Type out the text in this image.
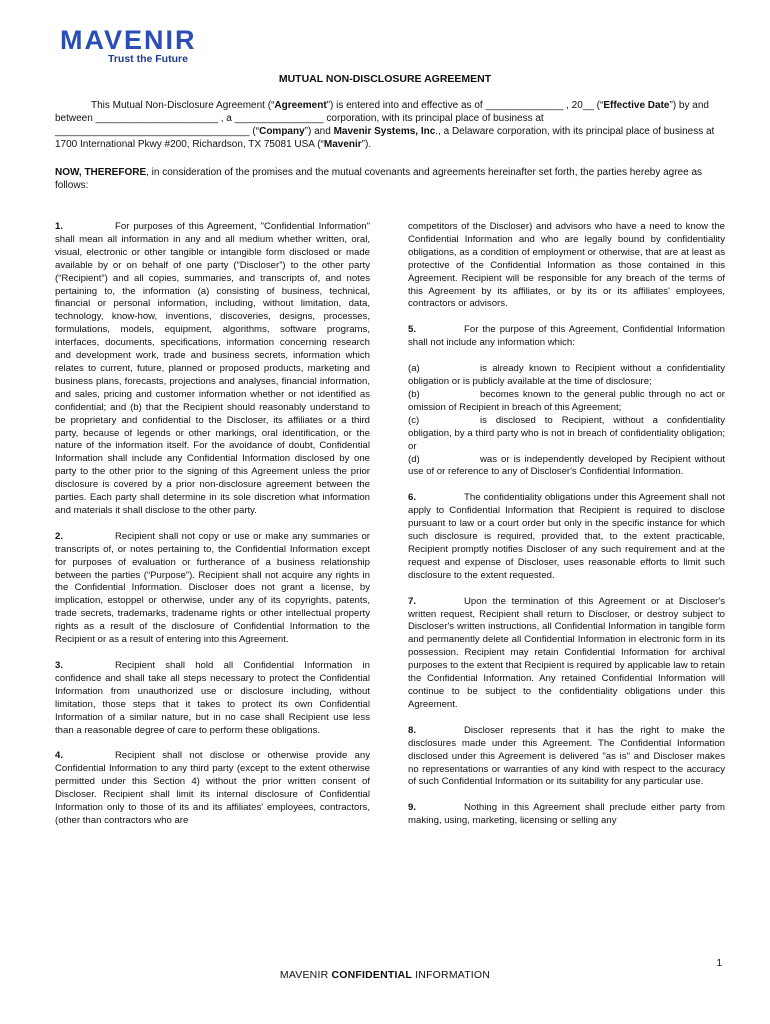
MAVENIR
Trust the Future
MUTUAL NON-DISCLOSURE AGREEMENT
This Mutual Non-Disclosure Agreement (“Agreement”) is entered into and effective as of ______________ , 20__ (“Effective Date”) by and between ______________________ , a ________________ corporation, with its principal place of business at ___________________________________ (“Company”) and Mavenir Systems, Inc., a Delaware corporation, with its principal place of business at 1700 International Pkwy #200, Richardson, TX 75081 USA (“Mavenir”).
NOW, THEREFORE, in consideration of the promises and the mutual covenants and agreements hereinafter set forth, the parties hereby agree as follows:

1.	For purposes of this Agreement, "Confidential Information" shall mean all information in any and all medium whether written, oral, visual, electronic or other tangible or intangible form disclosed or made available by or on behalf of one party (“Discloser”) to the other party (“Recipient”) and all copies, summaries, and transcripts of, and notes pertaining to, the information (a) consisting of business, technical, financial or personal information, including, without limitation, data, technology, know-how, inventions, discoveries, designs, processes, formulations, models, equipment, algorithms, software programs, interfaces, documents, specifications, information concerning research and development work, trade and business secrets, information which relates to current, future, planned or proposed products, marketing and business plans, forecasts, projections and analyses, financial information, and sales, pricing and customer information whether or not identified as confidential; and (b) that the Recipient should reasonably understand to be proprietary and confidential to the Discloser, its affiliates or a third party, because of legends or other markings, oral identification, or the nature of the information itself. For the avoidance of doubt, Confidential Information shall include any Confidential Information disclosed by one party to the other prior to the signing of this Agreement unless the prior disclosure is covered by a prior non-disclosure agreement between the parties. Each party shall determine in its sole discretion what information and materials it shall disclose to the other party.

2.	Recipient shall not copy or use or make any summaries or transcripts of, or notes pertaining to, the Confidential Information except for purposes of evaluation or furtherance of a business relationship between the parties (“Purpose”). Recipient shall not acquire any rights in the Confidential Information. Discloser does not grant a license, by implication, estoppel or otherwise, under any of its copyrights, patents, trade secrets, trademarks, tradename rights or other intellectual property rights as a result of the disclosure of Confidential Information to the Recipient or as a result of entering into this Agreement.

3.	Recipient shall hold all Confidential Information in confidence and shall take all steps necessary to protect the Confidential Information from unauthorized use or disclosure including, without limitation, those steps that it takes to protect its own Confidential Information of a similar nature, but in no case shall Recipient use less than a reasonable degree of care to perform these obligations.

4.	Recipient shall not disclose or otherwise provide any Confidential Information to any third party (except to the extent otherwise permitted under this Section 4) without the prior written consent of Discloser. Recipient shall limit its internal disclosure of Confidential Information only to those of its and its affiliates' employees, contractors, (other than contractors who are

competitors of the Discloser) and advisors who have a need to know the Confidential Information and who are legally bound by confidentiality obligations, as a condition of employment or otherwise, that are at least as protective of the Confidential Information as those contained in this Agreement. Recipient will be responsible for any breach of the terms of this Agreement by its affiliates, or by its or its affiliates' employees, contractors or advisors.

5.	For the purpose of this Agreement, Confidential Information shall not include any information which:

(a)	is already known to Recipient without a confidentiality obligation or is publicly available at the time of disclosure;

(b)	becomes known to the general public through no act or omission of Recipient in breach of this Agreement;

(c)	is disclosed to Recipient, without a confidentiality obligation, by a third party who is not in breach of confidentiality obligation; or

(d)	was or is independently developed by Recipient without use of or reference to any of Discloser's Confidential Information.

6.	The confidentiality obligations under this Agreement shall not apply to Confidential Information that Recipient is required to disclose pursuant to law or a court order but only in the specific instance for which such disclosure is required, provided that, to the extent practicable, Recipient promptly notifies Discloser of any such requirement and at the request and expense of Discloser, uses reasonable efforts to limit such disclosure to the extent requested.

7.	Upon the termination of this Agreement or at Discloser's written request, Recipient shall return to Discloser, or destroy subject to Discloser's written instructions, all Confidential Information in tangible form and permanently delete all Confidential Information in electronic form in its possession. Recipient may retain Confidential Information for archival purposes to the extent that Recipient is required by applicable law to retain the Confidential Information. Any retained Confidential Information will continue to be subject to the confidentiality obligations under this Agreement.

8.	Discloser represents that it has the right to make the disclosures made under this Agreement. The Confidential Information disclosed under this Agreement is delivered "as is" and Discloser makes no representations or warranties of any kind with respect to the accuracy of such Confidential Information or its suitability for any particular use.

9.	Nothing in this Agreement shall preclude either party from making, using, marketing, licensing or selling any

1
MAVENIR CONFIDENTIAL INFORMATION
